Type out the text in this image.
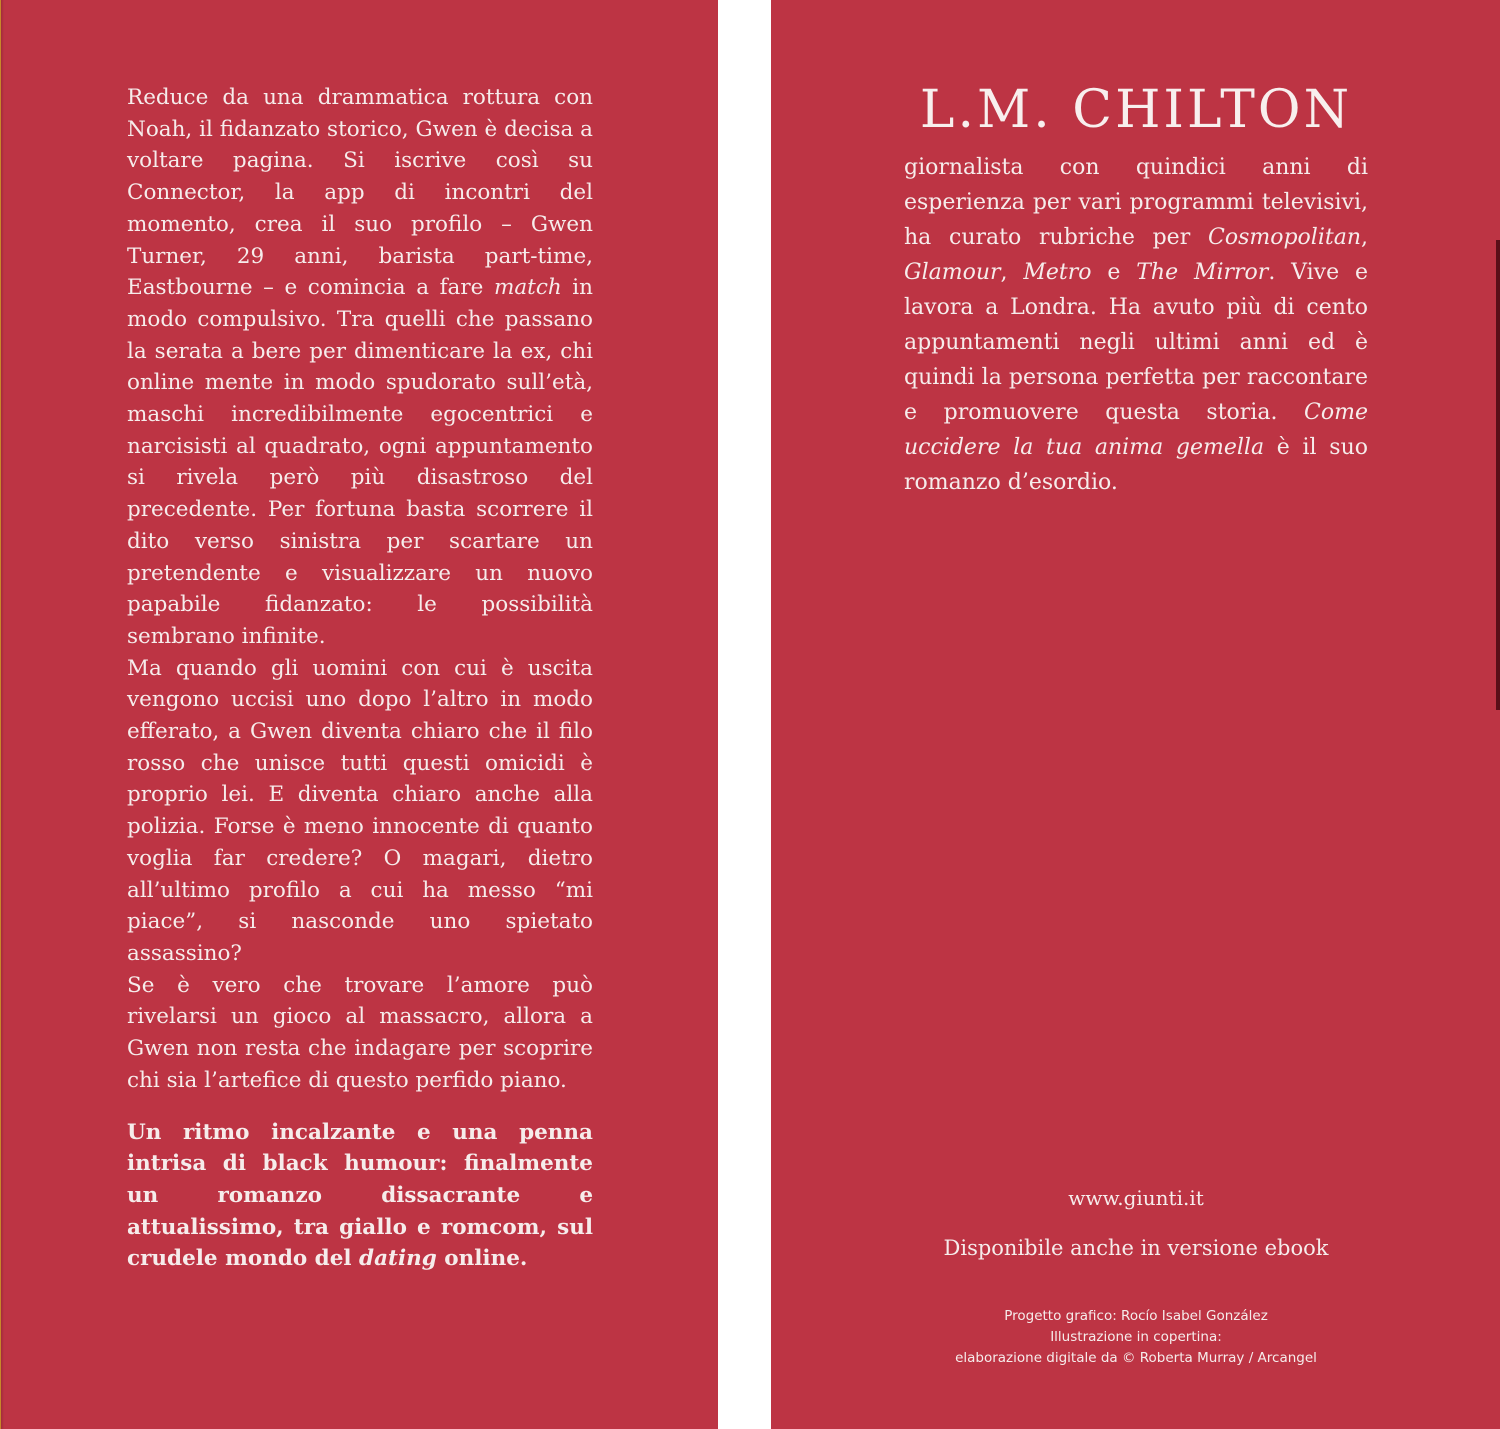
Reduce da una drammatica rottura con Noah, il fidanzato storico, Gwen è decisa a voltare pagina. Si iscrive così su Connector, la app di incontri del momento, crea il suo profilo – Gwen Turner, 29 anni, barista part-time, Eastbourne – e comincia a fare match in modo compulsivo. Tra quelli che passano la serata a bere per dimenticare la ex, chi online mente in modo spudorato sull’età, maschi incredibilmente egocentrici e narcisisti al quadrato, ogni appuntamento si rivela però più disastroso del precedente. Per fortuna basta scorrere il dito verso sinistra per scartare un pretendente e visualizzare un nuovo papabile fidanzato: le possibilità sembrano infinite.

Ma quando gli uomini con cui è uscita vengono uccisi uno dopo l’altro in modo efferato, a Gwen diventa chiaro che il filo rosso che unisce tutti questi omicidi è proprio lei. E diventa chiaro anche alla polizia. Forse è meno innocente di quanto voglia far credere? O magari, dietro all’ultimo profilo a cui ha messo “mi piace”, si nasconde uno spietato assassino?

Se è vero che trovare l’amore può rivelarsi un gioco al massacro, allora a Gwen non resta che indagare per scoprire chi sia l’artefice di questo perfido piano.

Un ritmo incalzante e una penna intrisa di black humour: finalmente un romanzo dissacrante e attualissimo, tra giallo e romcom, sul crudele mondo del dating online.

L.M. CHILTON

giornalista con quindici anni di esperienza per vari programmi televisivi, ha curato rubriche per Cosmopolitan, Glamour, Metro e The Mirror. Vive e lavora a Londra. Ha avuto più di cento appuntamenti negli ultimi anni ed è quindi la persona perfetta per raccontare e promuovere questa storia. Come uccidere la tua anima gemella è il suo romanzo d’esordio.

www.giunti.it
Disponibile anche in versione ebook
Progetto grafico: Rocío Isabel González
Illustrazione in copertina:
elaborazione digitale da © Roberta Murray / Arcangel
